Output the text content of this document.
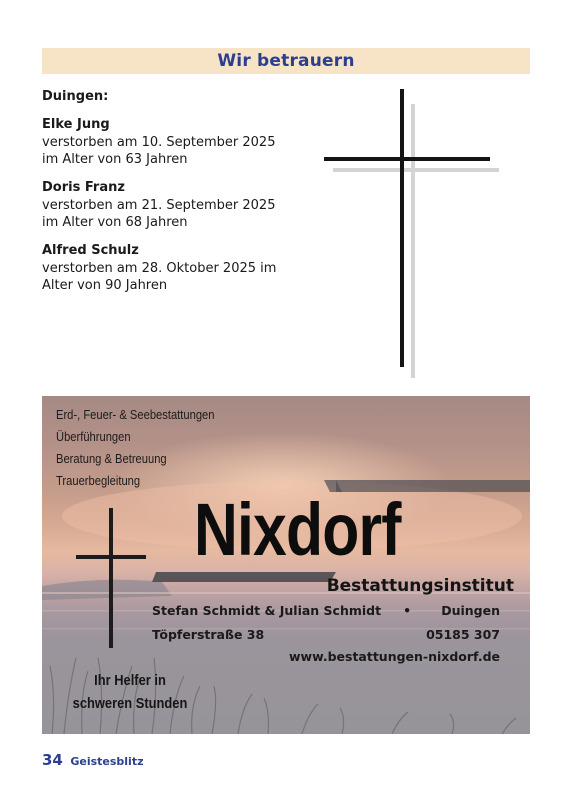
Wir betrauern
Duingen:
Elke Jung
verstorben am 10. September 2025
im Alter von 63 Jahren
Doris Franz
verstorben am 21. September 2025
im Alter von 68 Jahren
Alfred Schulz
verstorben am 28. Oktober 2025 im
Alter von 90 Jahren
Erd-, Feuer- & Seebestattungen
Überführungen
Beratung & Betreuung
Trauerbegleitung
Nixdorf
Bestattungsinstitut
Stefan Schmidt & Julian Schmidt •	Duingen
Töpferstraße 38	05185 307
www.bestattungen-nixdorf.de
Ihr Helfer in
schweren Stunden
34 Geistesblitz
